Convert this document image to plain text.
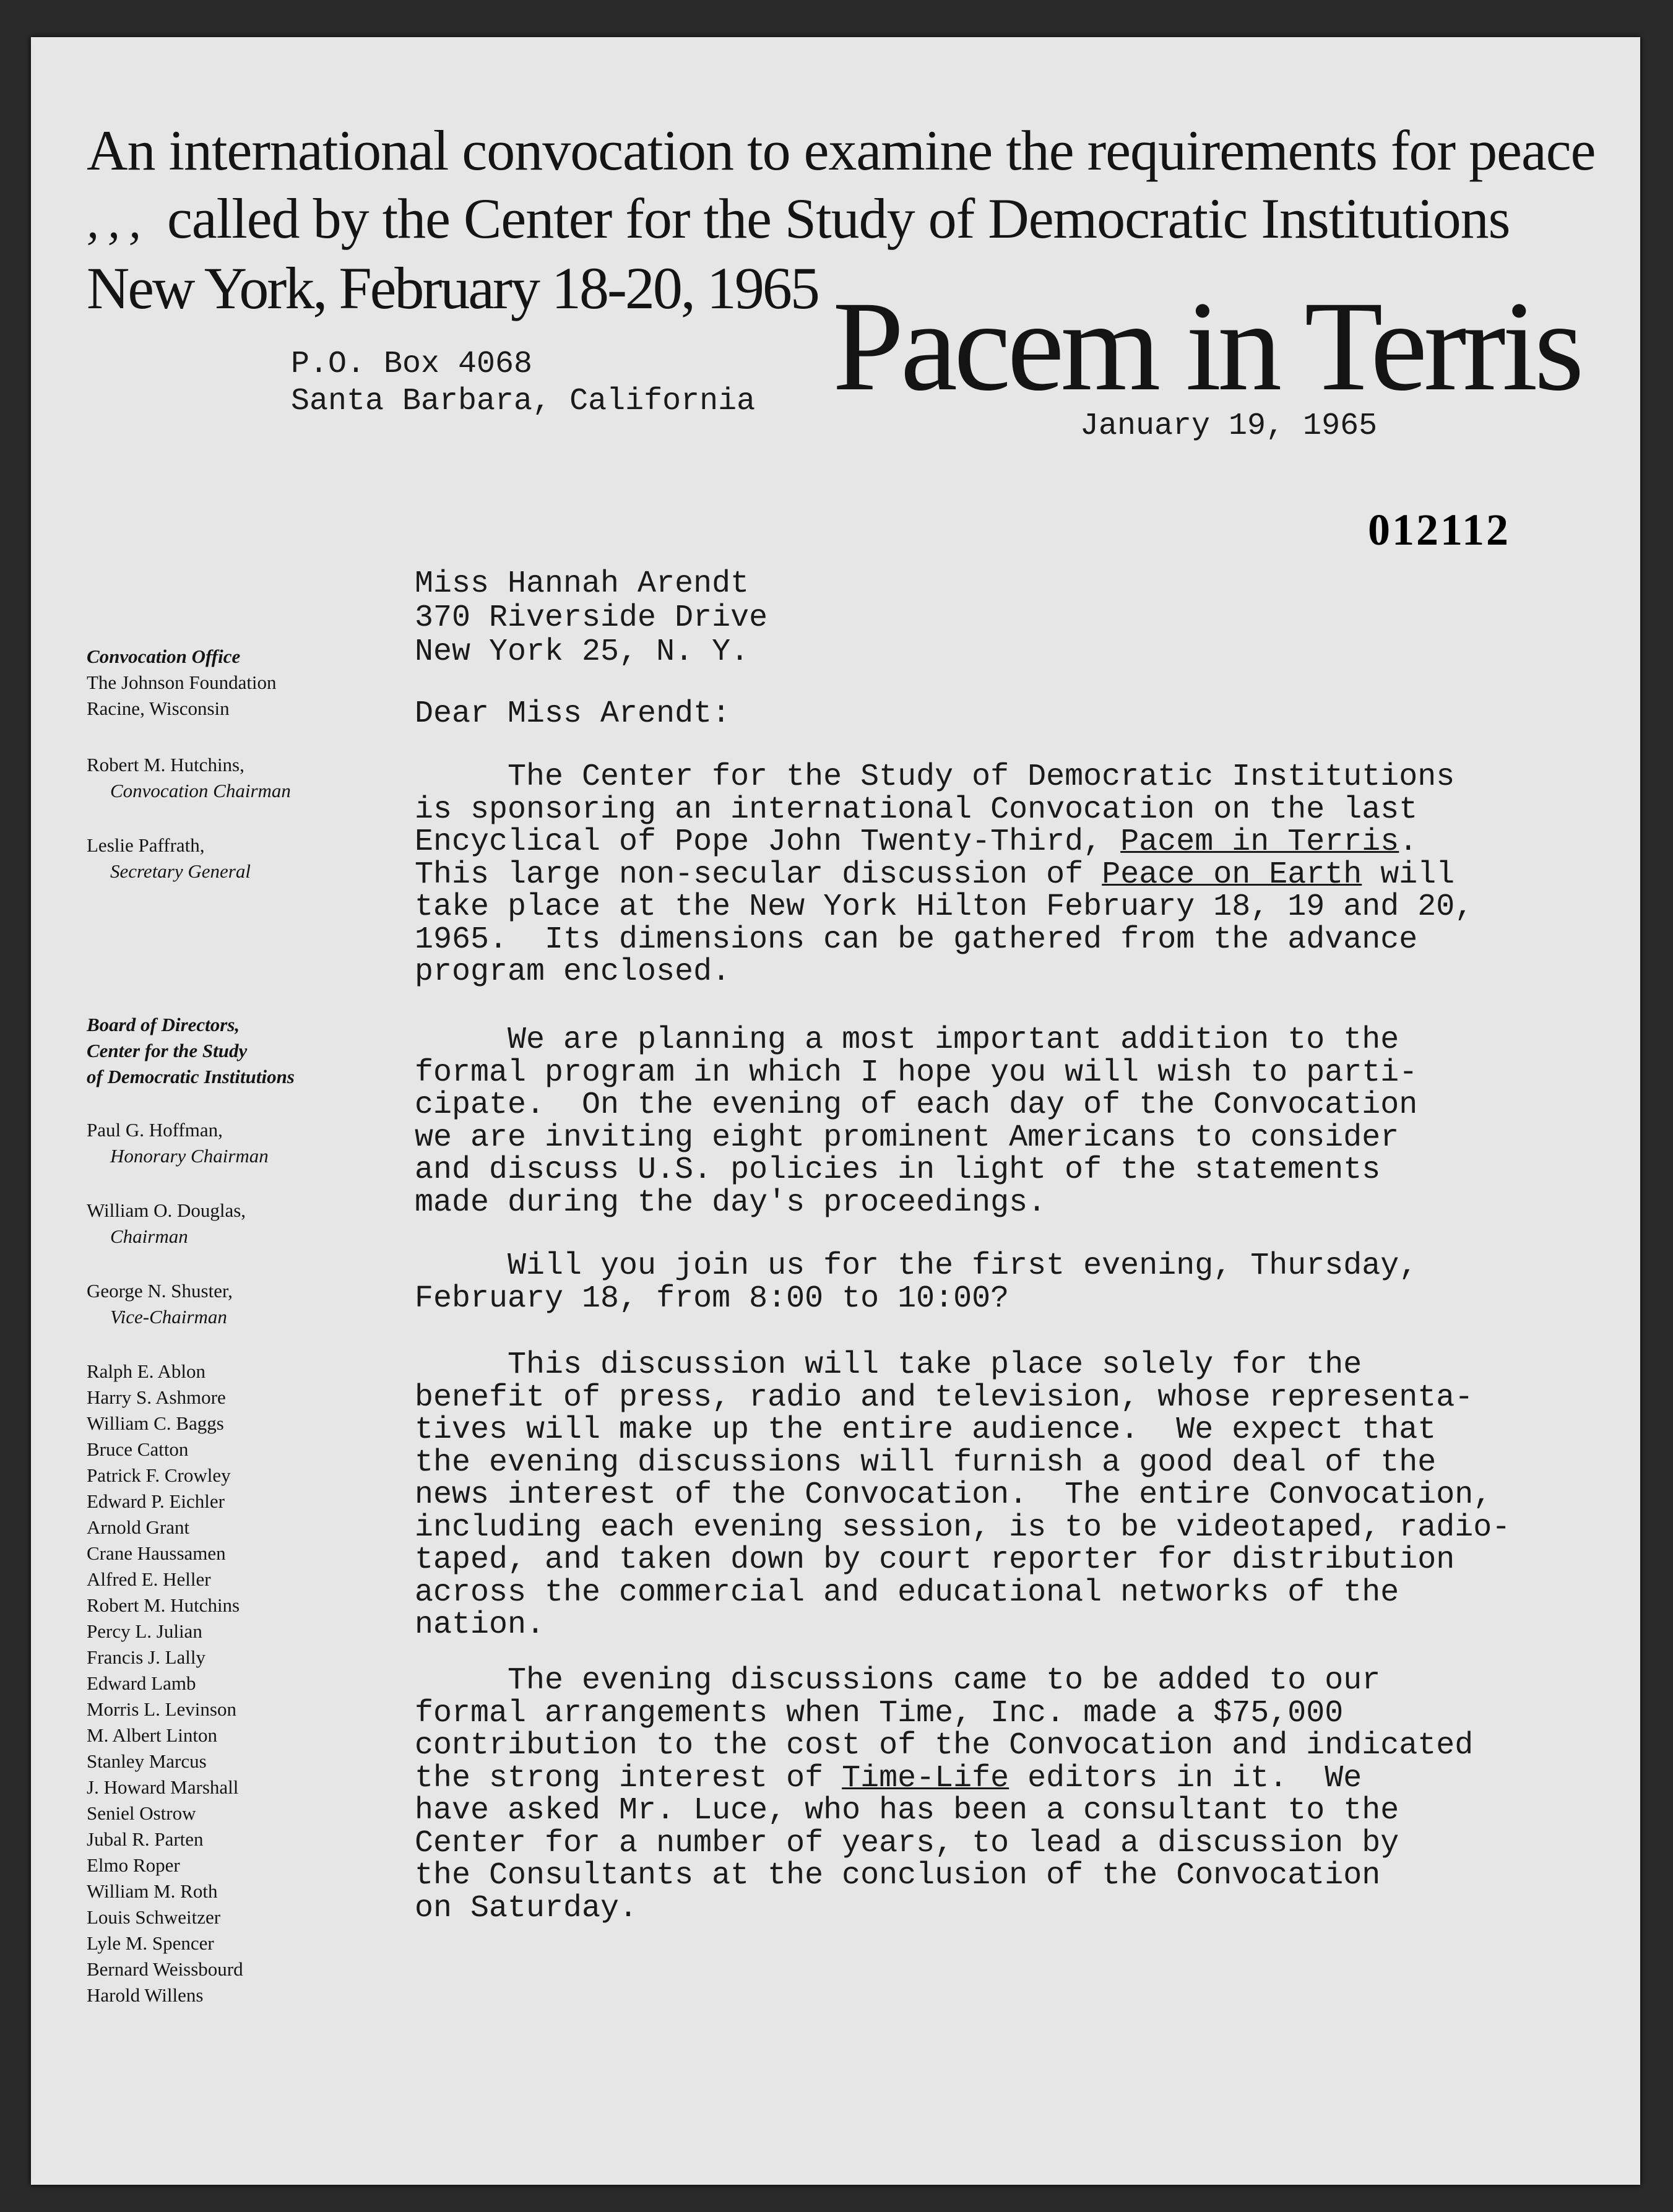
An international convocation to examine the requirements for peace
,,, called by the Center for the Study of Democratic Institutions
New York, February 18-20, 1965 Pacem in Terris
P.O. Box 4068
Santa Barbara, California
January 19, 1965
012112
Miss Hannah Arendt
370 Riverside Drive
New York 25, N. Y.
Dear Miss Arendt:
Convocation Office
The Johnson Foundation
Racine, Wisconsin
Robert M. Hutchins,
Convocation Chairman
Leslie Paffrath,
Secretary General
Board of Directors,
Center for the Study
of Democratic Institutions
Paul G. Hoffman,
Honorary Chairman
William O. Douglas,
Chairman
George N. Shuster,
Vice-Chairman
Ralph E. Ablon
Harry S. Ashmore
William C. Baggs
Bruce Catton
Patrick F. Crowley
Edward P. Eichler
Arnold Grant
Crane Haussamen
Alfred E. Heller
Robert M. Hutchins
Percy L. Julian
Francis J. Lally
Edward Lamb
Morris L. Levinson
M. Albert Linton
Stanley Marcus
J. Howard Marshall
Seniel Ostrow
Jubal R. Parten
Elmo Roper
William M. Roth
Louis Schweitzer
Lyle M. Spencer
Bernard Weissbourd
Harold Willens
The Center for the Study of Democratic Institutions
is sponsoring an international Convocation on the last
Encyclical of Pope John Twenty-Third, Pacem in Terris.
This large non-secular discussion of Peace on Earth will
take place at the New York Hilton February 18, 19 and 20,
1965.  Its dimensions can be gathered from the advance
program enclosed.
We are planning a most important addition to the
formal program in which I hope you will wish to parti-
cipate.  On the evening of each day of the Convocation
we are inviting eight prominent Americans to consider
and discuss U.S. policies in light of the statements
made during the day's proceedings.
Will you join us for the first evening, Thursday,
February 18, from 8:00 to 10:00?
This discussion will take place solely for the
benefit of press, radio and television, whose representa-
tives will make up the entire audience.  We expect that
the evening discussions will furnish a good deal of the
news interest of the Convocation.  The entire Convocation,
including each evening session, is to be videotaped, radio-
taped, and taken down by court reporter for distribution
across the commercial and educational networks of the
nation.
The evening discussions came to be added to our
formal arrangements when Time, Inc. made a $75,000
contribution to the cost of the Convocation and indicated
the strong interest of Time-Life editors in it.  We
have asked Mr. Luce, who has been a consultant to the
Center for a number of years, to lead a discussion by
the Consultants at the conclusion of the Convocation
on Saturday.
